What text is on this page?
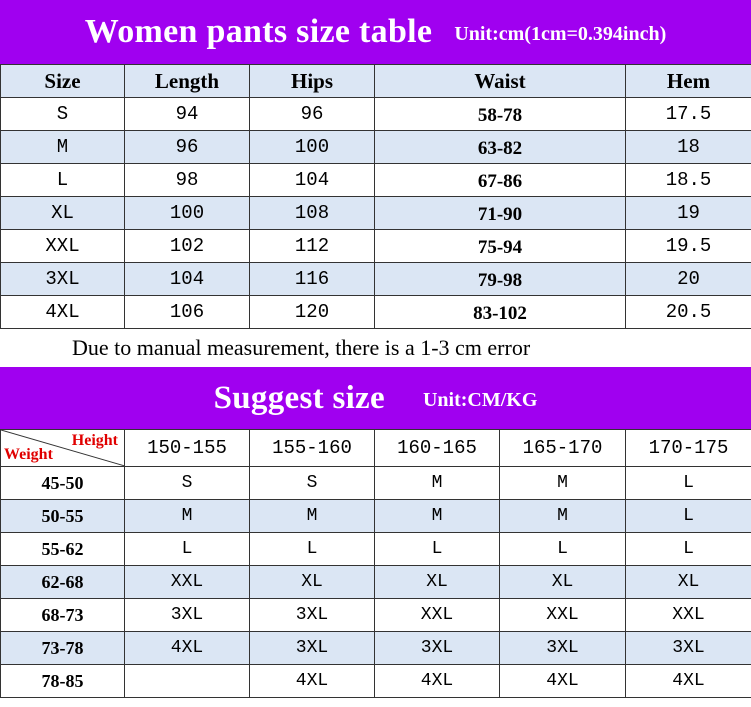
Women pants size table Unit:cm(1cm=0.394inch)
Size	Length	Hips	Waist	Hem
S	94	96	58-78	17.5
M	96	100	63-82	18
L	98	104	67-86	18.5
XL	100	108	71-90	19
XXL	102	112	75-94	19.5
3XL	104	116	79-98	20
4XL	106	120	83-102	20.5
Due to manual measurement, there is a 1-3 cm error
Suggest size Unit:CM/KG
Height
Weight	150-155	155-160	160-165	165-170	170-175
45-50	S	S	M	M	L
50-55	M	M	M	M	L
55-62	L	L	L	L	L
62-68	XXL	XL	XL	XL	XL
68-73	3XL	3XL	XXL	XXL	XXL
73-78	4XL	3XL	3XL	3XL	3XL
78-85		4XL	4XL	4XL	4XL
